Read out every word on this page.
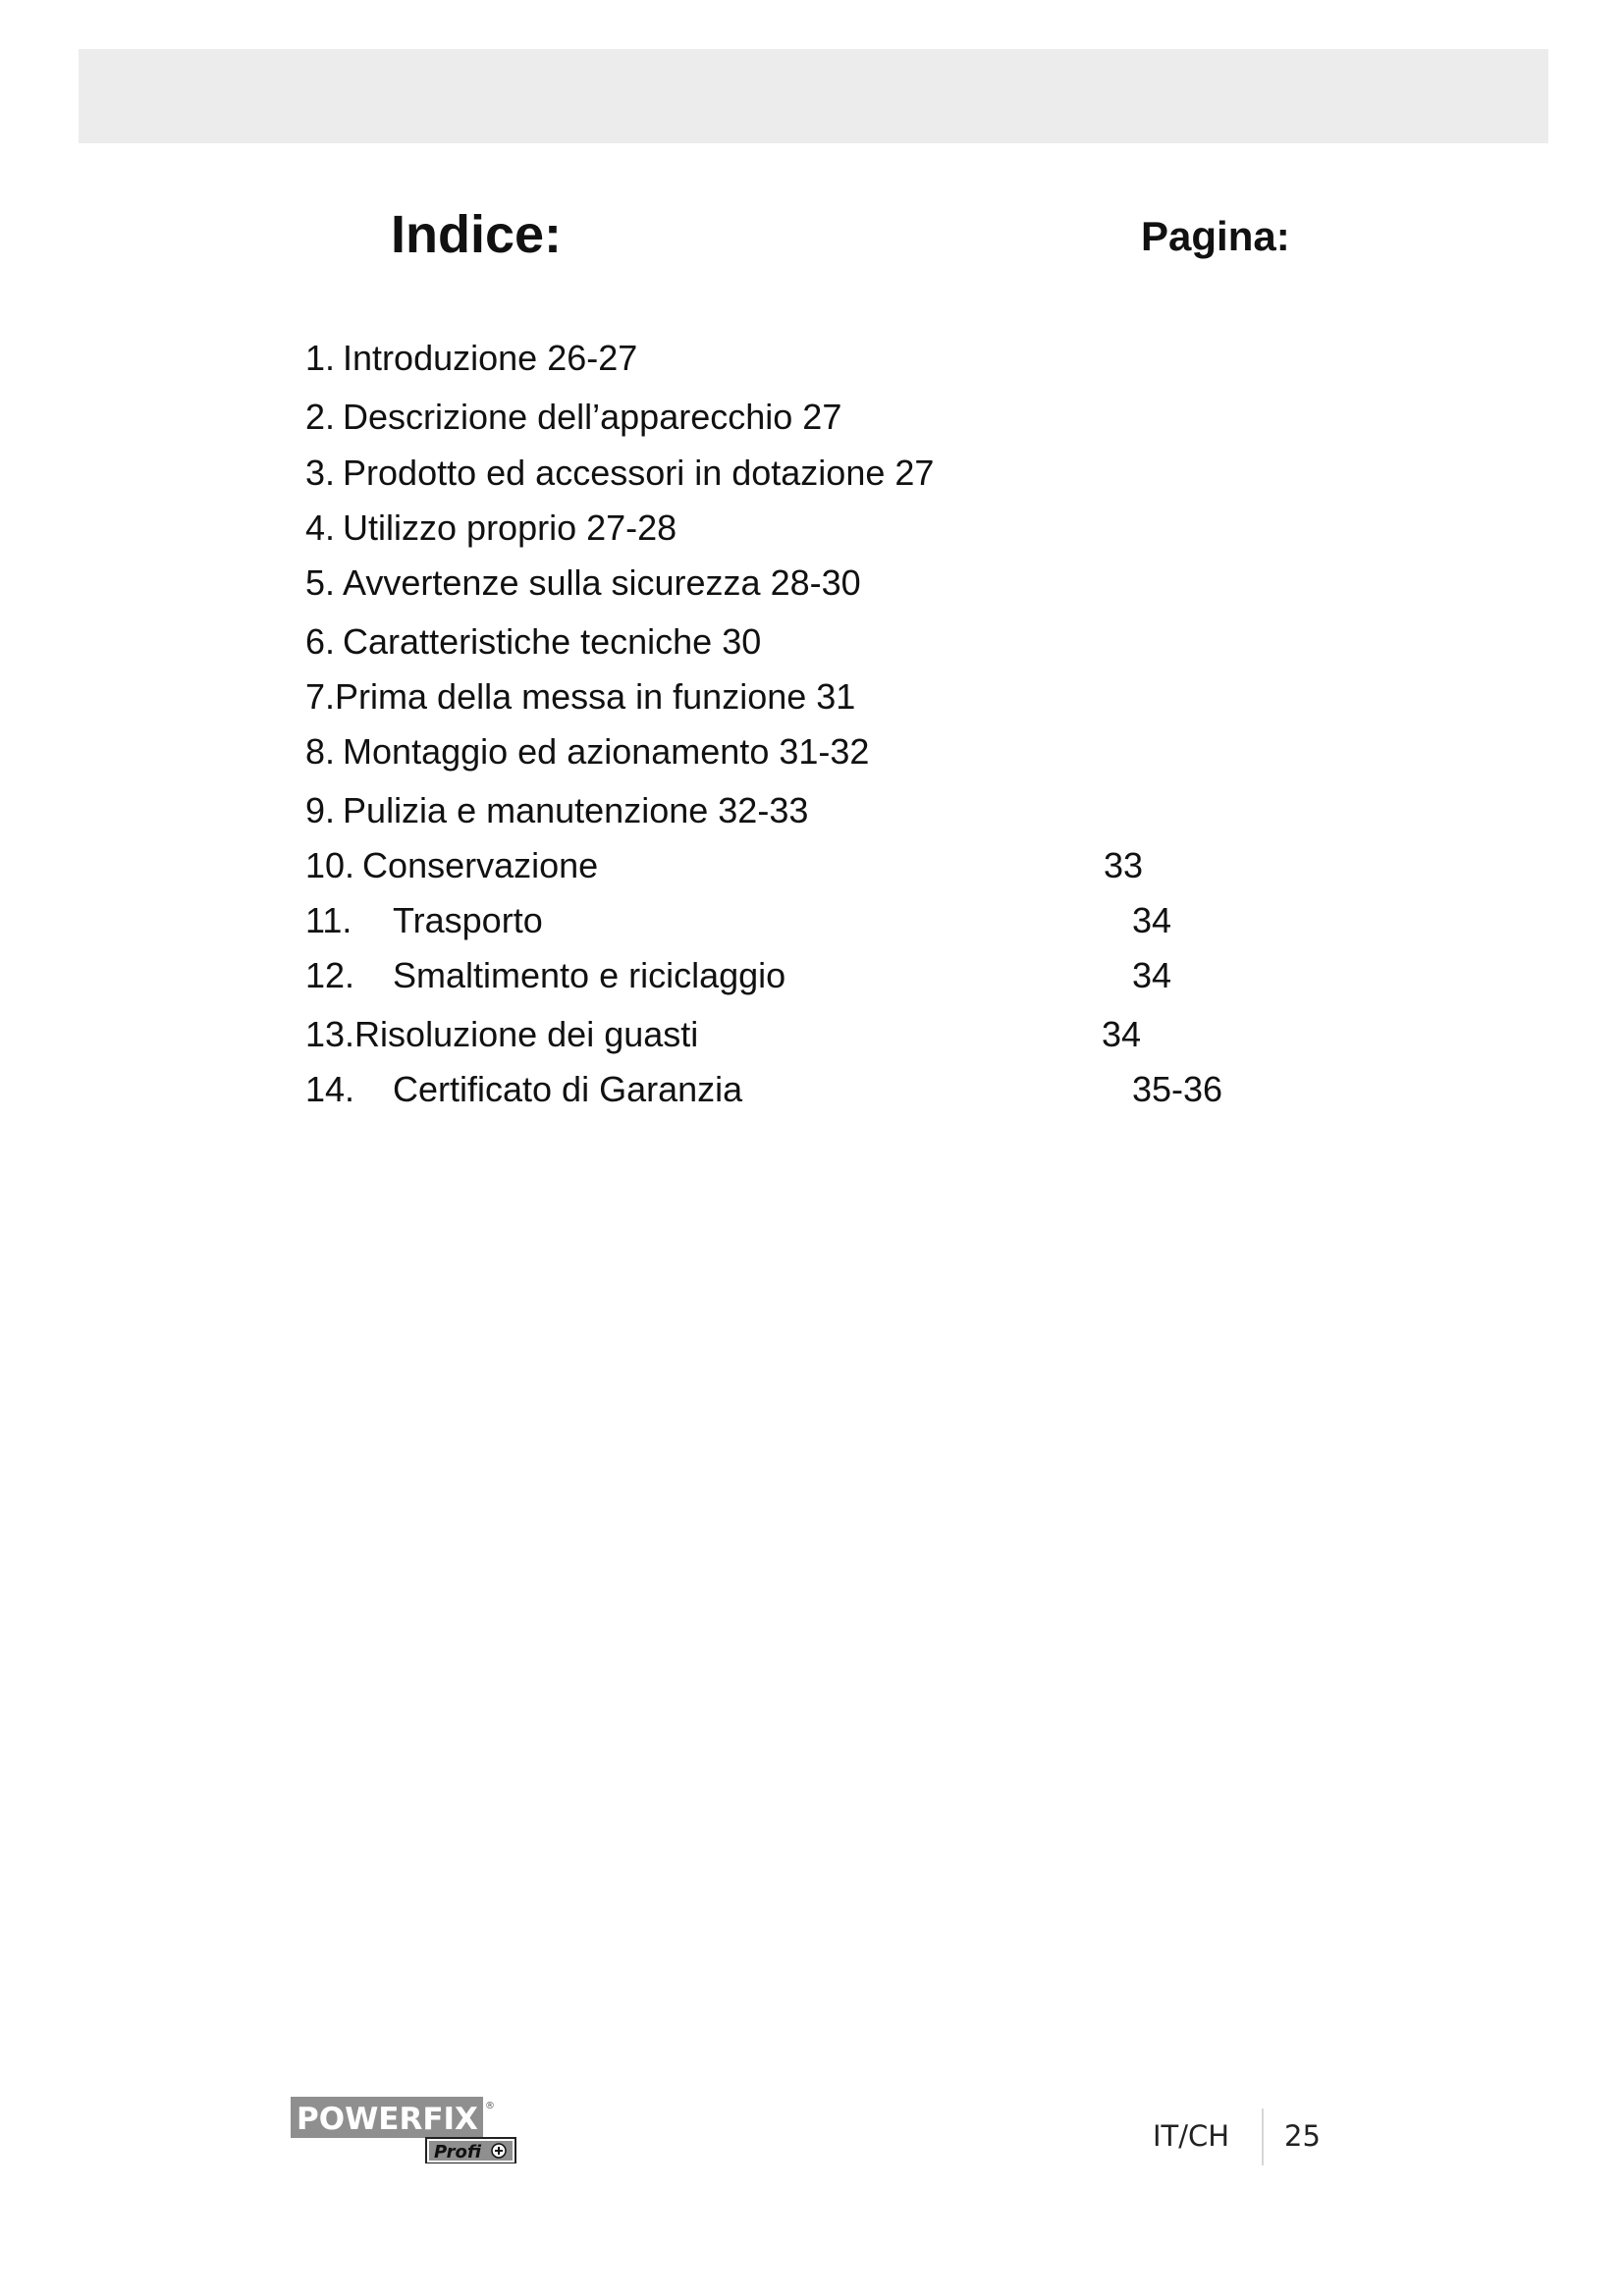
Indice:	Pagina:
1. Introduzione 26-27
2. Descrizione dell’apparecchio 27
3. Prodotto ed accessori in dotazione 27
4. Utilizzo proprio 27-28
5. Avvertenze sulla sicurezza 28-30
6. Caratteristiche tecniche 30
7.Prima della messa in funzione 31
8. Montaggio ed azionamento 31-32
9. Pulizia e manutenzione 32-33
10. Conservazione	33
11. Trasporto	34
12. Smaltimento e riciclaggio	34
13.Risoluzione dei guasti	34
14. Certificato di Garanzia	35-36
POWERFIX ®
Profi	IT/CH 25
